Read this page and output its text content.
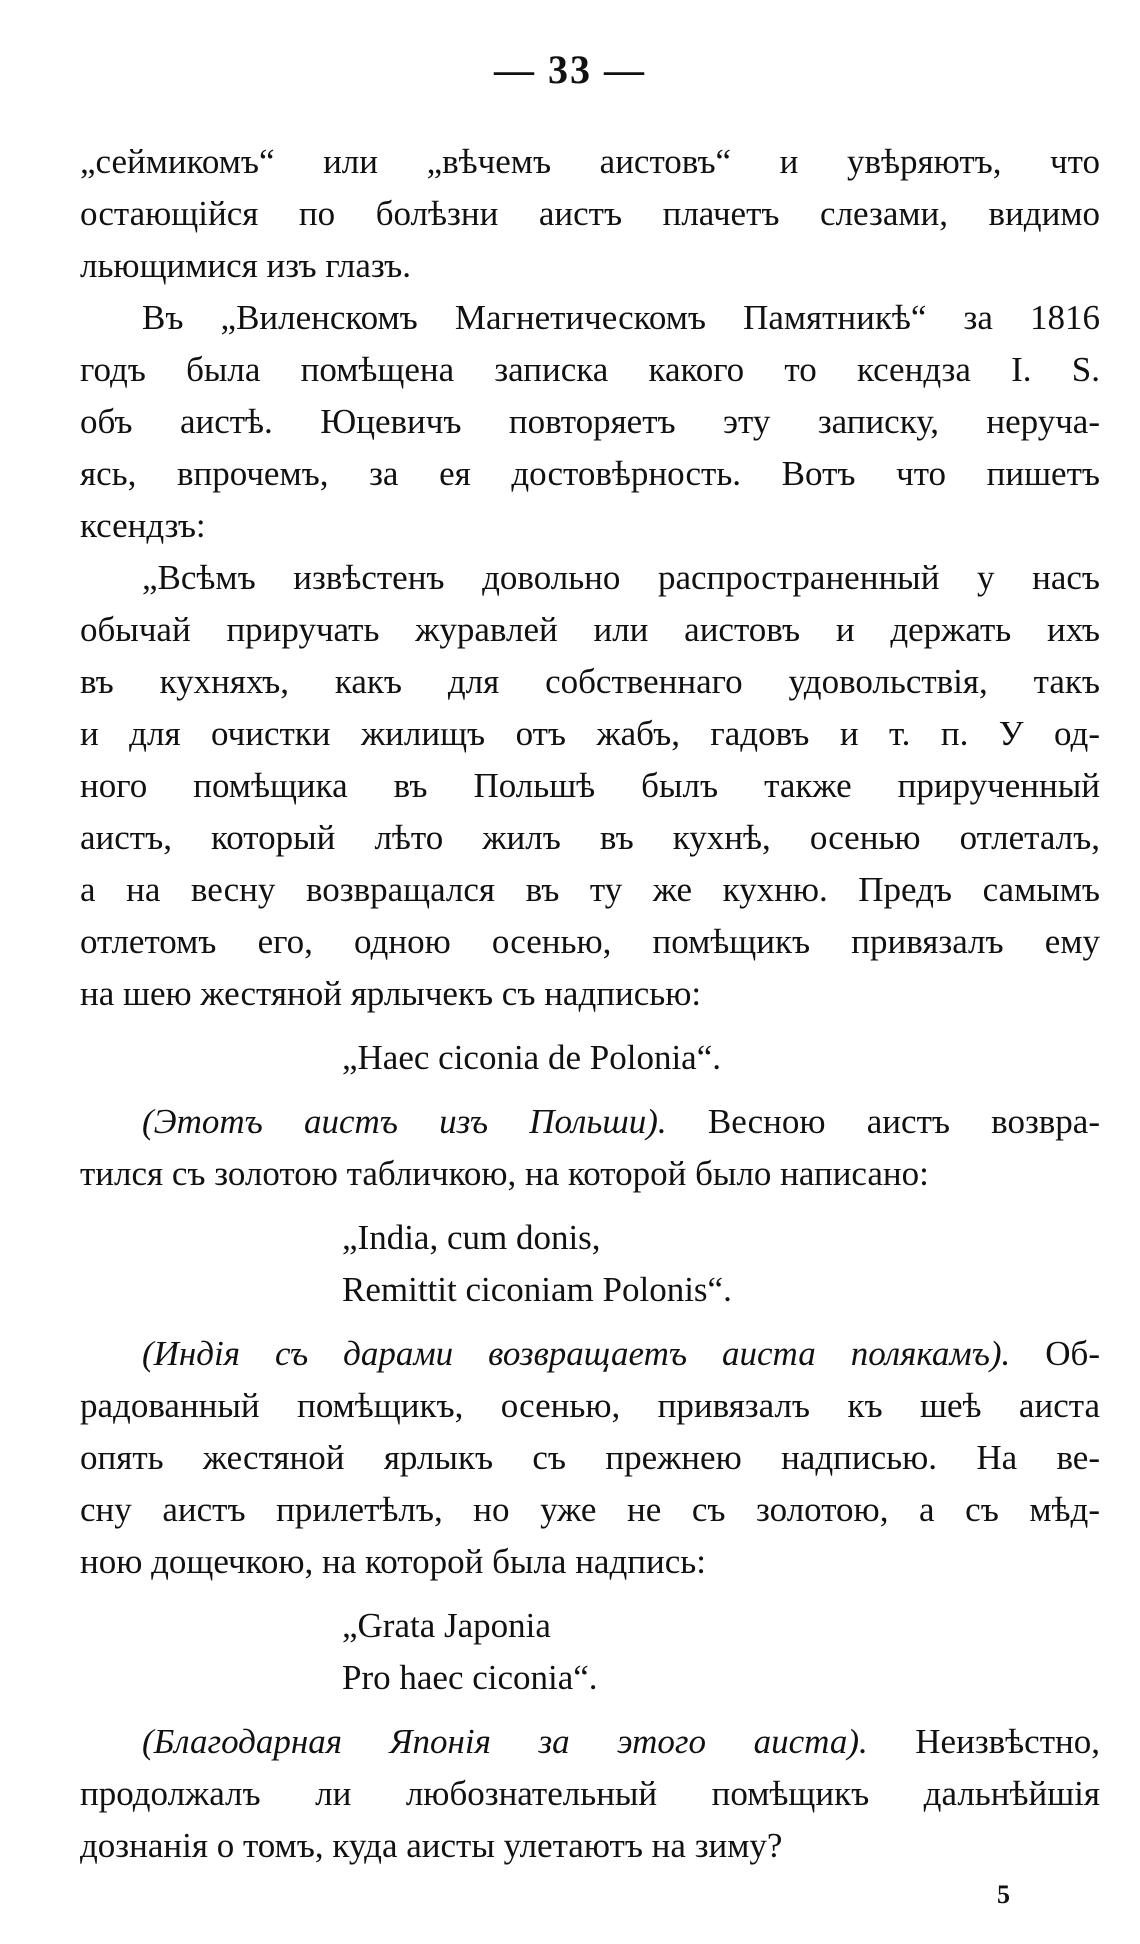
— 33 —
„сеймикомъ“ или „вѣчемъ аистовъ“ и увѣряютъ, что
остающійся по болѣзни аистъ плачетъ слезами, видимо
льющимися изъ глазъ.
Въ „Виленскомъ Магнетическомъ Памятникѣ“ за 1816
годъ была помѣщена записка какого то ксендза I. S.
объ аистѣ. Юцевичъ повторяетъ эту записку, неруча-
ясь, впрочемъ, за ея достовѣрность. Вотъ что пишетъ
ксендзъ:
„Всѣмъ извѣстенъ довольно распространенный у насъ
обычай приручать журавлей или аистовъ и держать ихъ
въ кухняхъ, какъ для собственнаго удовольствія, такъ
и для очистки жилищъ отъ жабъ, гадовъ и т. п. У од-
ного помѣщика въ Польшѣ былъ также прирученный
аистъ, который лѣто жилъ въ кухнѣ, осенью отлеталъ,
а на весну возвращался въ ту же кухню. Предъ самымъ
отлетомъ его, одною осенью, помѣщикъ привязалъ ему
на шею жестяной ярлычекъ съ надписью:
„Haec ciconia de Polonia“.
(Этотъ аистъ изъ Польши). Весною аистъ возвра-
тился съ золотою табличкою, на которой было написано:
„India, cum donis,
Remittit ciconiam Polonis“.
(Индія съ дарами возвращаетъ аиста полякамъ). Об-
радованный помѣщикъ, осенью, привязалъ къ шеѣ аиста
опять жестяной ярлыкъ съ прежнею надписью. На ве-
сну аистъ прилетѣлъ, но уже не съ золотою, а съ мѣд-
ною дощечкою, на которой была надпись:
„Grata Japonia
Pro haec ciconia“.
(Благодарная Японія за этого аиста). Неизвѣстно,
продолжалъ ли любознательный помѣщикъ дальнѣйшія
дознанія о томъ, куда аисты улетаютъ на зиму?
5
